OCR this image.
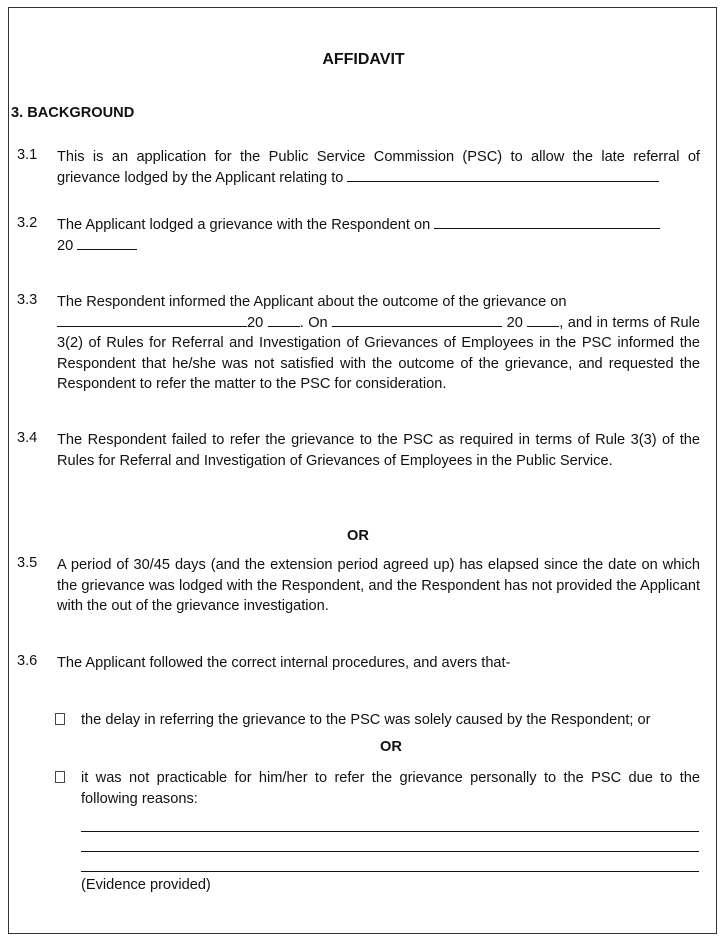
AFFIDAVIT
3. BACKGROUND
3.1 This is an application for the Public Service Commission (PSC) to allow the late referral of grievance lodged by the Applicant relating to
3.2 The Applicant lodged a grievance with the Respondent on
20
3.3 The Respondent informed the Applicant about the outcome of the grievance on
20 . On	20 , and in terms of Rule 3(2) of Rules for Referral and Investigation of Grievances of Employees in the PSC informed the Respondent that he/she was not satisfied with the outcome of the grievance, and requested the Respondent to refer the matter to the PSC for consideration.
3.4 The Respondent failed to refer the grievance to the PSC as required in terms of Rule 3(3) of the Rules for Referral and Investigation of Grievances of Employees in the Public Service.
OR
3.5 A period of 30/45 days (and the extension period agreed up) has elapsed since the date on which the grievance was lodged with the Respondent, and the Respondent has not provided the Applicant with the out of the grievance investigation.
3.6 The Applicant followed the correct internal procedures, and avers that-
the delay in referring the grievance to the PSC was solely caused by the Respondent; or
OR
it was not practicable for him/her to refer the grievance personally to the PSC due to the following reasons:
(Evidence provided)
